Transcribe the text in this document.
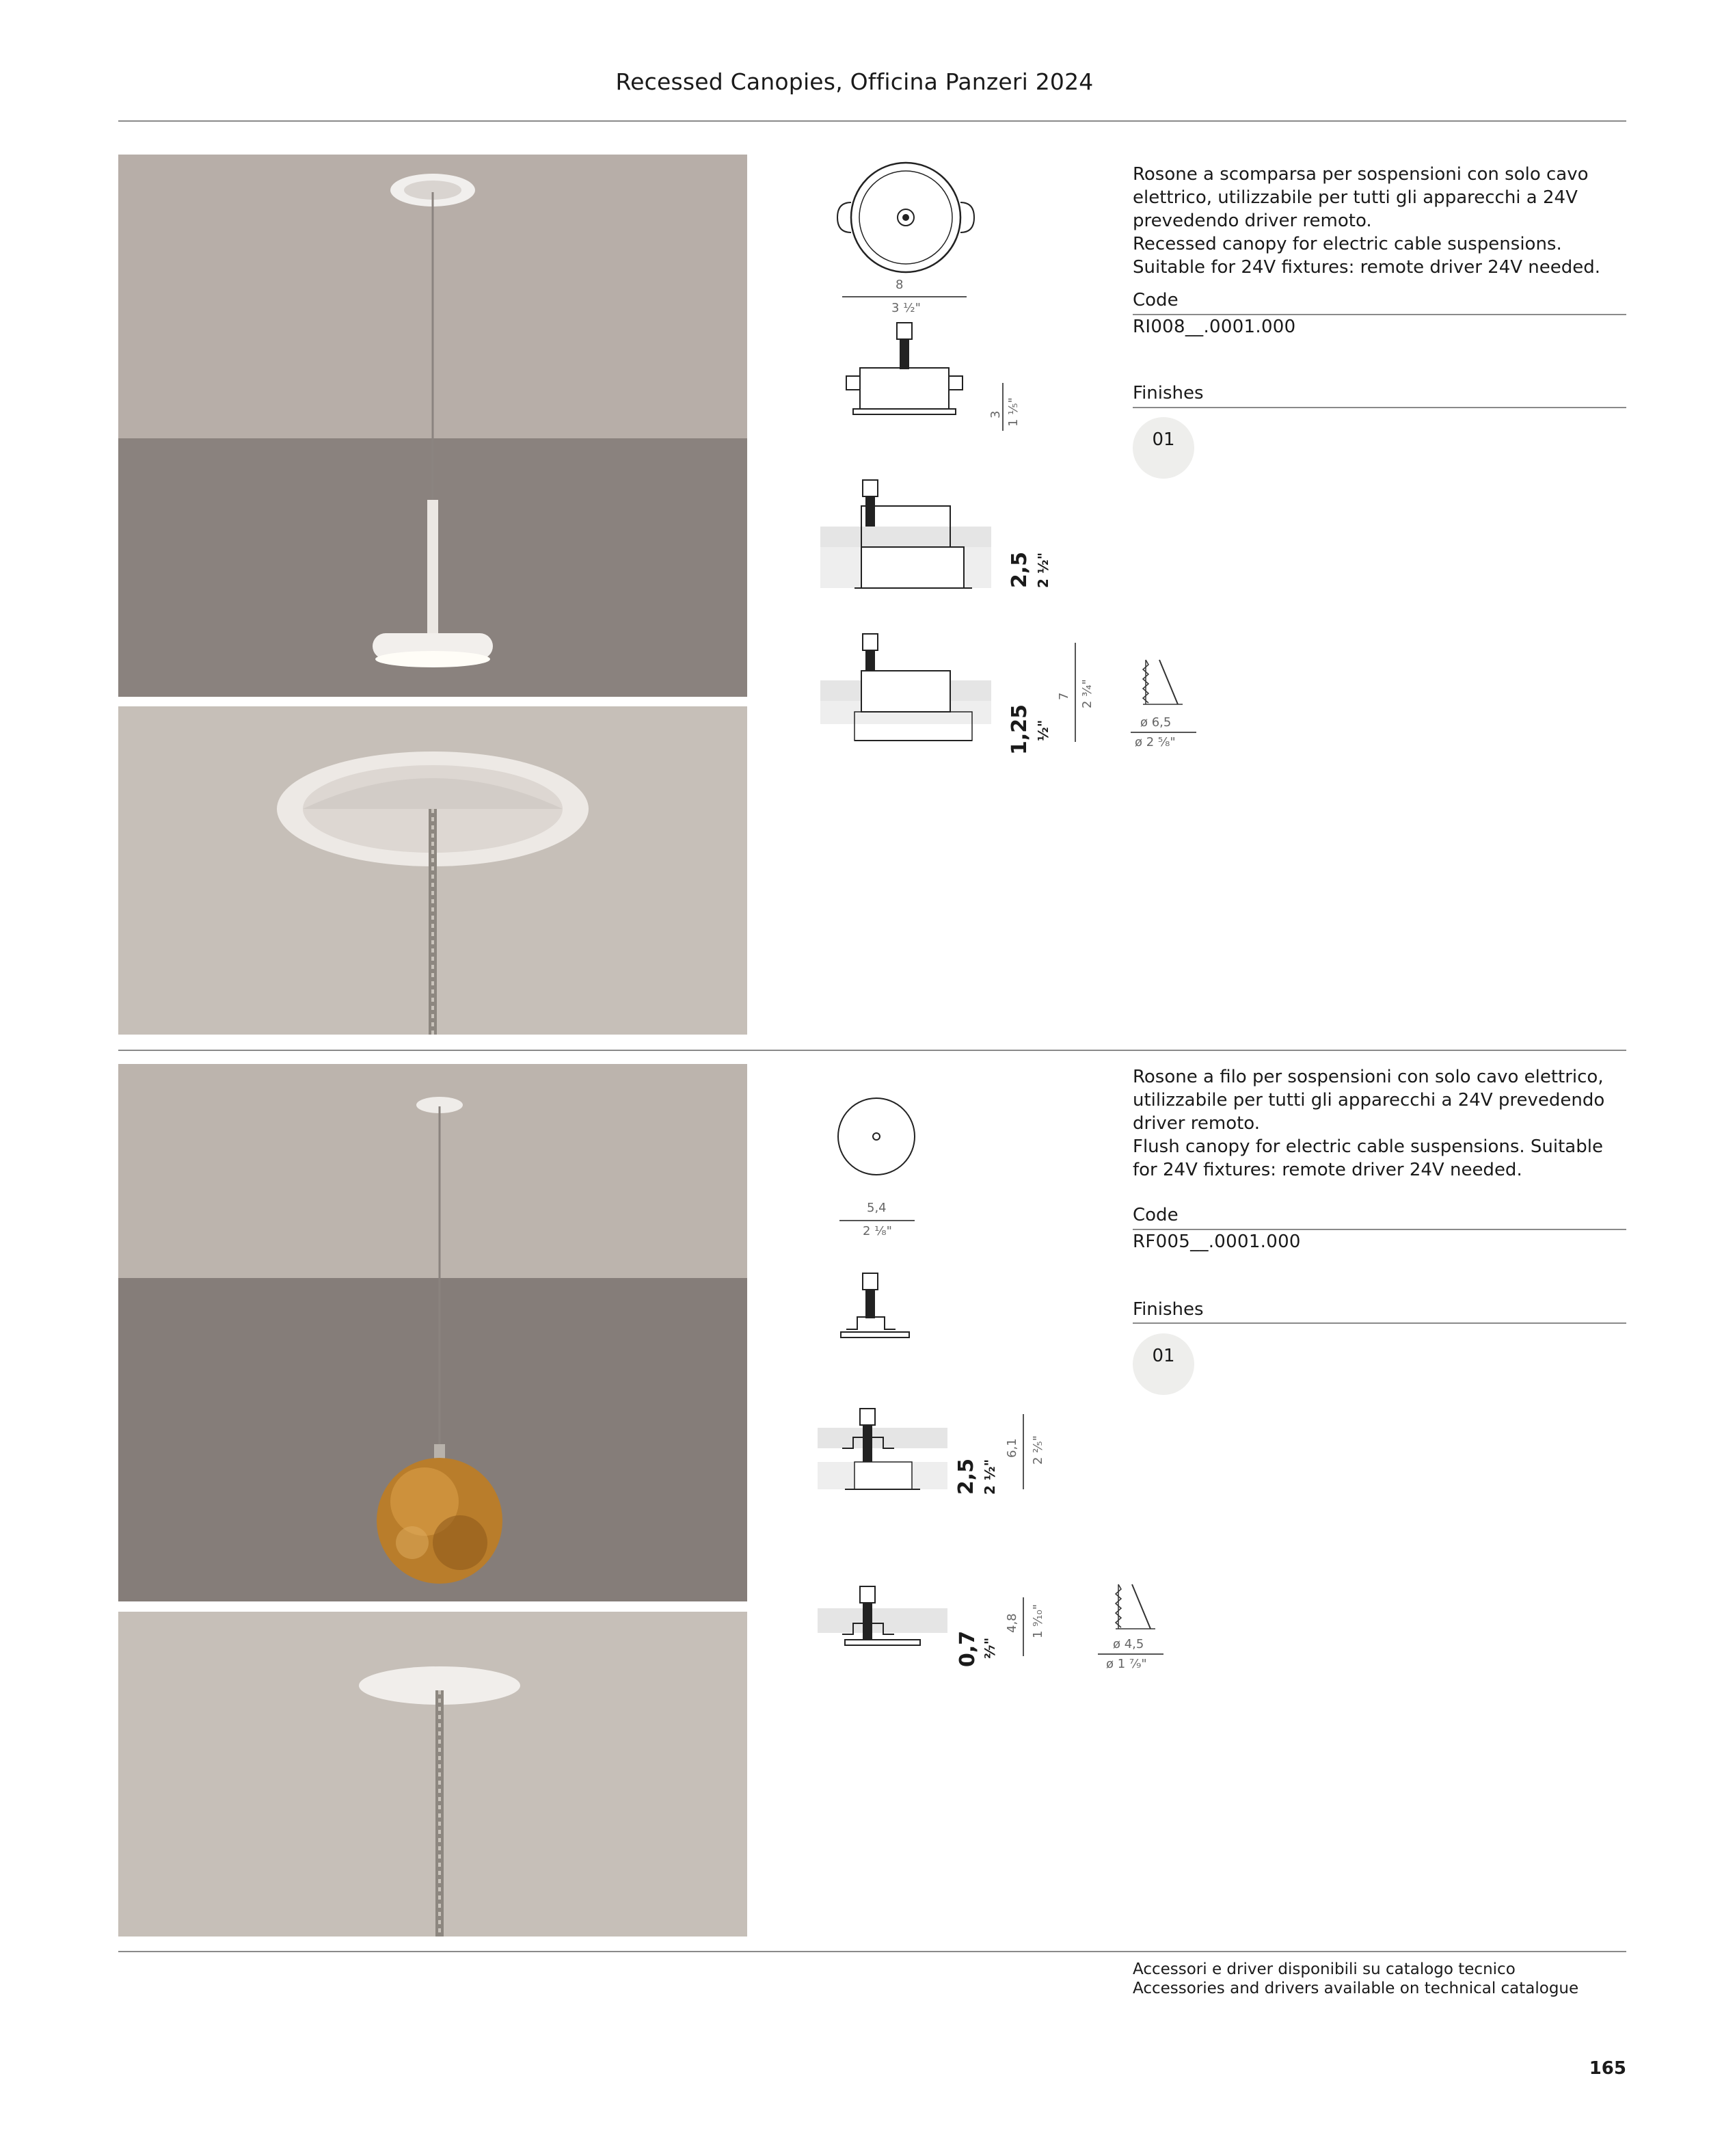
Recessed Canopies, Officina Panzeri 2024
8
3 ¹⁄₂"
3 1 ¹⁄₅"
2,5 2 ¹⁄₂"
1,25 ¹⁄₂"
7 2 ³⁄₄"
ø 6,5
ø 2 ⁵⁄₈"
Rosone a scomparsa per sospensioni con solo cavo elettrico, utilizzabile per tutti gli apparecchi a 24V prevedendo driver remoto.
Recessed canopy for electric cable suspensions. Suitable for 24V fixtures: remote driver 24V needed.
Code
RI008__.0001.000
Finishes
01
5,4
2 ¹⁄₈"
2,5 2 ¹⁄₂"
6,1 2 ²⁄₅"
0,7 ²⁄₇"
4,8 1 ⁹⁄₁₀"
ø 4,5
ø 1 ⁷⁄₉"
Rosone a filo per sospensioni con solo cavo elettrico, utilizzabile per tutti gli apparecchi a 24V prevedendo driver remoto.
Flush canopy for electric cable suspensions. Suitable for 24V fixtures: remote driver 24V needed.
Code
RF005__.0001.000
Finishes
01
Accessori e driver disponibili su catalogo tecnico
Accessories and drivers available on technical catalogue
165
